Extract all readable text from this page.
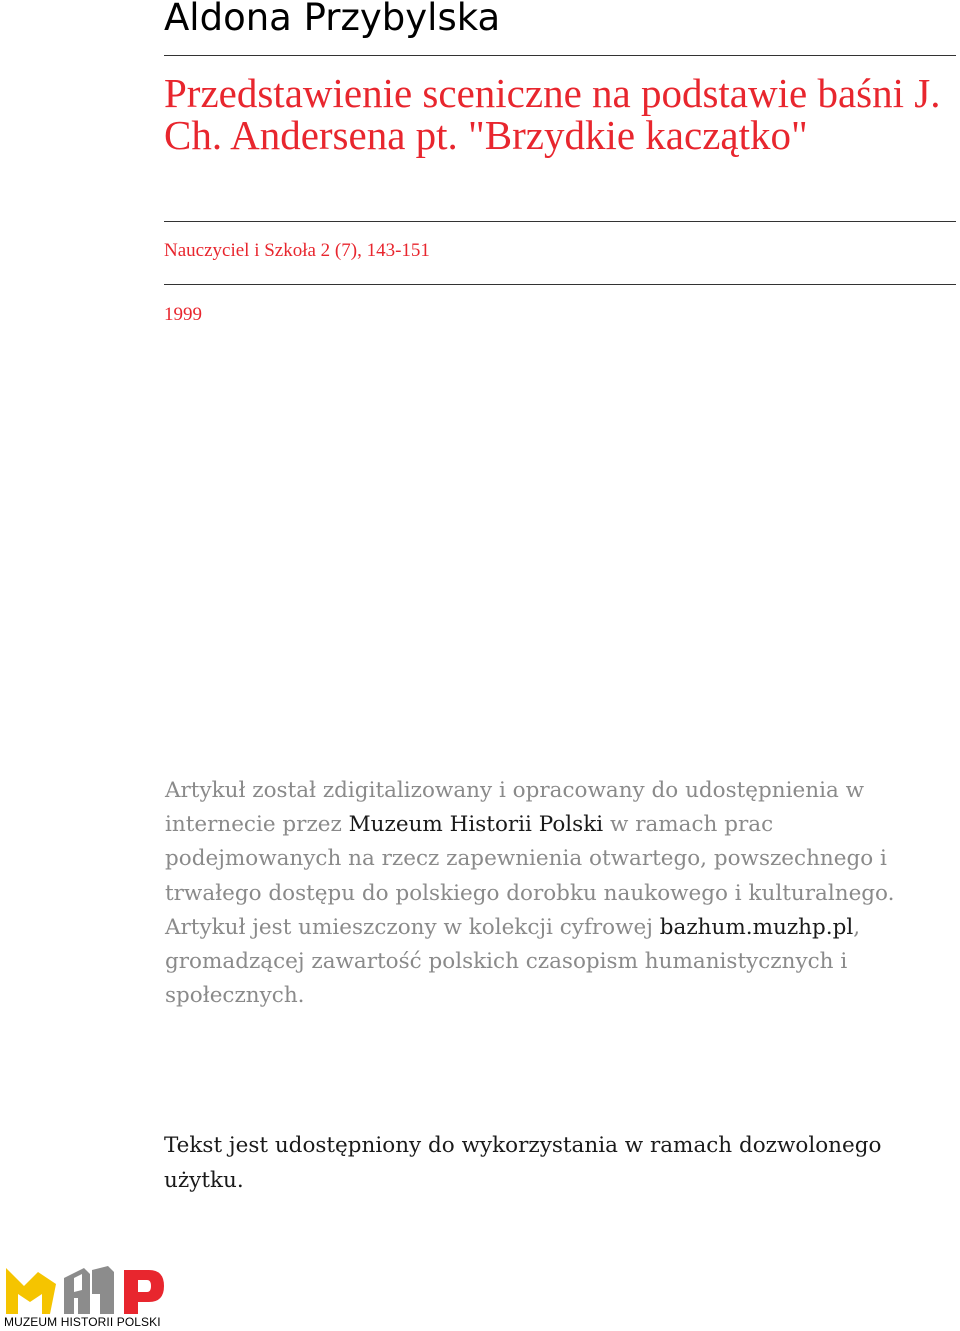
Aldona Przybylska
Przedstawienie sceniczne na podstawie baśni J. Ch. Andersena pt. "Brzydkie kaczątko"
Nauczyciel i Szkoła 2 (7), 143-151
1999
Artykuł został zdigitalizowany i opracowany do udostępnienia w internecie przez Muzeum Historii Polski w ramach prac podejmowanych na rzecz zapewnienia otwartego, powszechnego i trwałego dostępu do polskiego dorobku naukowego i kulturalnego. Artykuł jest umieszczony w kolekcji cyfrowej bazhum.muzhp.pl, gromadzącej zawartość polskich czasopism humanistycznych i społecznych.
Tekst jest udostępniony do wykorzystania w ramach dozwolonego użytku.
MUZEUM HISTORII POLSKI
